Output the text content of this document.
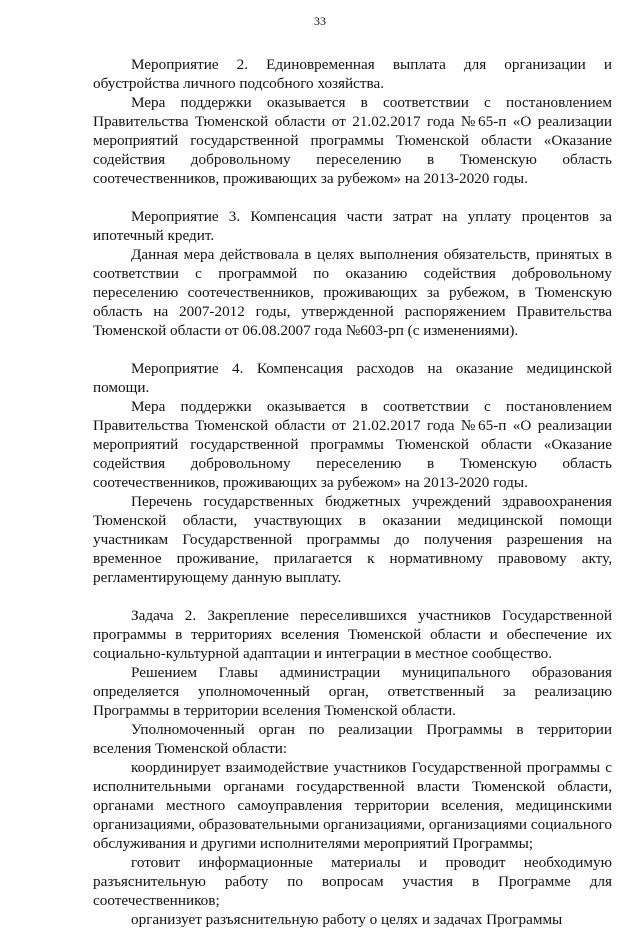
33

Мероприятие 2. Единовременная выплата для организации и обустройства личного подсобного хозяйства.

Мера поддержки оказывается в соответствии с постановлением Правительства Тюменской области от 21.02.2017 года №65-п «О реализации мероприятий государственной программы Тюменской области «Оказание содействия добровольному переселению в Тюменскую область соотечественников, проживающих за рубежом» на 2013-2020 годы.

Мероприятие 3. Компенсация части затрат на уплату процентов за ипотечный кредит.

Данная мера действовала в целях выполнения обязательств, принятых в соответствии с программой по оказанию содействия добровольному переселению соотечественников, проживающих за рубежом, в Тюменскую область на 2007-2012 годы, утвержденной распоряжением Правительства Тюменской области от 06.08.2007 года №603-рп (с изменениями).

Мероприятие 4. Компенсация расходов на оказание медицинской помощи.

Мера поддержки оказывается в соответствии с постановлением Правительства Тюменской области от 21.02.2017 года №65-п «О реализации мероприятий государственной программы Тюменской области «Оказание содействия добровольному переселению в Тюменскую область соотечественников, проживающих за рубежом» на 2013-2020 годы.

Перечень государственных бюджетных учреждений здравоохранения Тюменской области, участвующих в оказании медицинской помощи участникам Государственной программы до получения разрешения на временное проживание, прилагается к нормативному правовому акту, регламентирующему данную выплату.

Задача 2. Закрепление переселившихся участников Государственной программы в территориях вселения Тюменской области и обеспечение их социально-культурной адаптации и интеграции в местное сообщество.

Решением Главы администрации муниципального образования определяется уполномоченный орган, ответственный за реализацию Программы в территории вселения Тюменской области.

Уполномоченный орган по реализации Программы в территории вселения Тюменской области:

координирует взаимодействие участников Государственной программы с исполнительными органами государственной власти Тюменской области, органами местного самоуправления территории вселения, медицинскими организациями, образовательными организациями, организациями социального обслуживания и другими исполнителями мероприятий Программы;

готовит информационные материалы и проводит необходимую разъяснительную работу по вопросам участия в Программе для соотечественников;

организует разъяснительную работу о целях и задачах Программы
